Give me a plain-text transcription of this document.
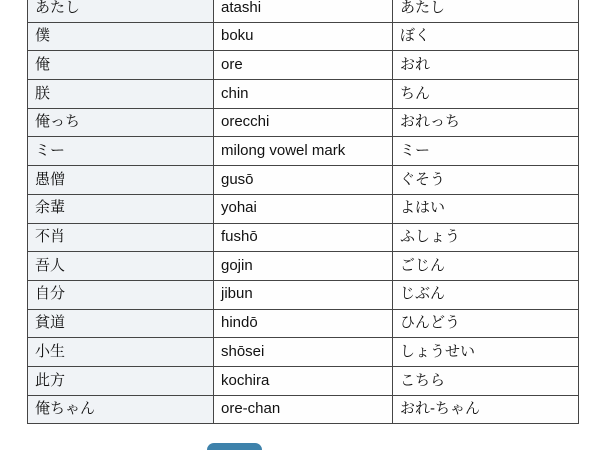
あたし	atashi	あたし
僕	boku	ぼく
俺	ore	おれ
朕	chin	ちん
俺っち	orecchi	おれっち
ミー	milong vowel mark	ミー
愚僧	gusō	ぐそう
余輩	yohai	よはい
不肖	fushō	ふしょう
吾人	gojin	ごじん
自分	jibun	じぶん
貧道	hindō	ひんどう
小生	shōsei	しょうせい
此方	kochira	こちら
俺ちゃん	ore-chan	おれ-ちゃん
